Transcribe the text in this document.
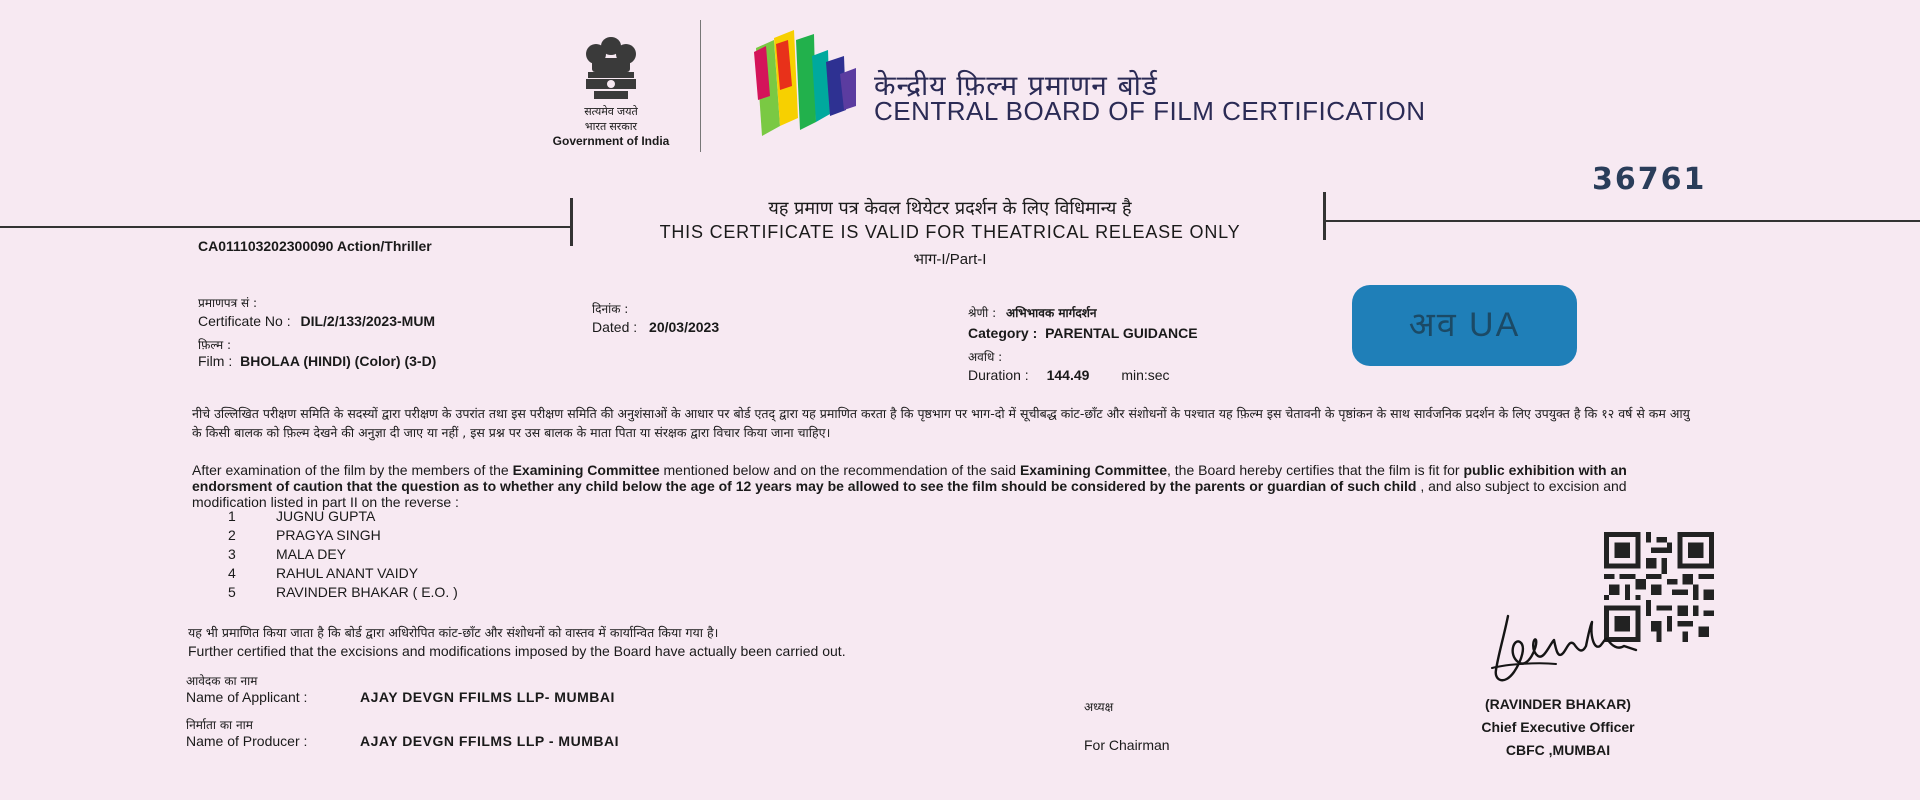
सत्यमेव जयते
भारत सरकार
Government of India
केन्द्रीय फ़िल्म प्रमाणन बोर्ड
CENTRAL BOARD OF FILM CERTIFICATION
36761
यह प्रमाण पत्र केवल थियेटर प्रदर्शन के लिए विधिमान्य है
THIS CERTIFICATE IS VALID FOR THEATRICAL RELEASE ONLY
भाग-I/Part-I
CA011103202300090 Action/Thriller
प्रमाणपत्र सं :
Certificate No : DIL/2/133/2023-MUM
दिनांक :
Dated : 20/03/2023
फ़िल्म :
Film : BHOLAA (HINDI) (Color) (3-D)
श्रेणी : अभिभावक मार्गदर्शन
Category : PARENTAL GUIDANCE
अवधि :
Duration : 144.49 min:sec
अव UA
नीचे उल्लिखित परीक्षण समिति के सदस्यों द्वारा परीक्षण के उपरांत तथा इस परीक्षण समिति की अनुशंसाओं के आधार पर बोर्ड एतद् द्वारा यह प्रमाणित करता है कि पृष्ठभाग पर भाग-दो में सूचीबद्ध कांट-छाँट और संशोधनों के पश्चात यह फ़िल्म इस चेतावनी के पृष्ठांकन के साथ सार्वजनिक प्रदर्शन के लिए उपयुक्त है कि १२ वर्ष से कम आयु के किसी बालक को फ़िल्म देखने की अनुज्ञा दी जाए या नहीं , इस प्रश्न पर उस बालक के माता पिता या संरक्षक द्वारा विचार किया जाना चाहिए।
After examination of the film by the members of the Examining Committee mentioned below and on the recommendation of the said Examining Committee, the Board hereby certifies that the film is fit for public exhibition with an endorsment of caution that the question as to whether any child below the age of 12 years may be allowed to see the film should be considered by the parents or guardian of such child , and also subject to excision and modification listed in part II on the reverse :
1	JUGNU GUPTA
2	PRAGYA SINGH
3	MALA DEY
4	RAHUL ANANT VAIDY
5	RAVINDER BHAKAR ( E.O. )
यह भी प्रमाणित किया जाता है कि बोर्ड द्वारा अधिरोपित कांट-छाँट और संशोधनों को वास्तव में कार्यान्वित किया गया है।
Further certified that the excisions and modifications imposed by the Board have actually been carried out.
आवेदक का नाम
Name of Applicant :	AJAY DEVGN FFILMS LLP- MUMBAI
निर्माता का नाम
Name of Producer :	AJAY DEVGN FFILMS LLP - MUMBAI
अध्यक्ष
For Chairman
(RAVINDER BHAKAR)
Chief Executive Officer
CBFC ,MUMBAI
